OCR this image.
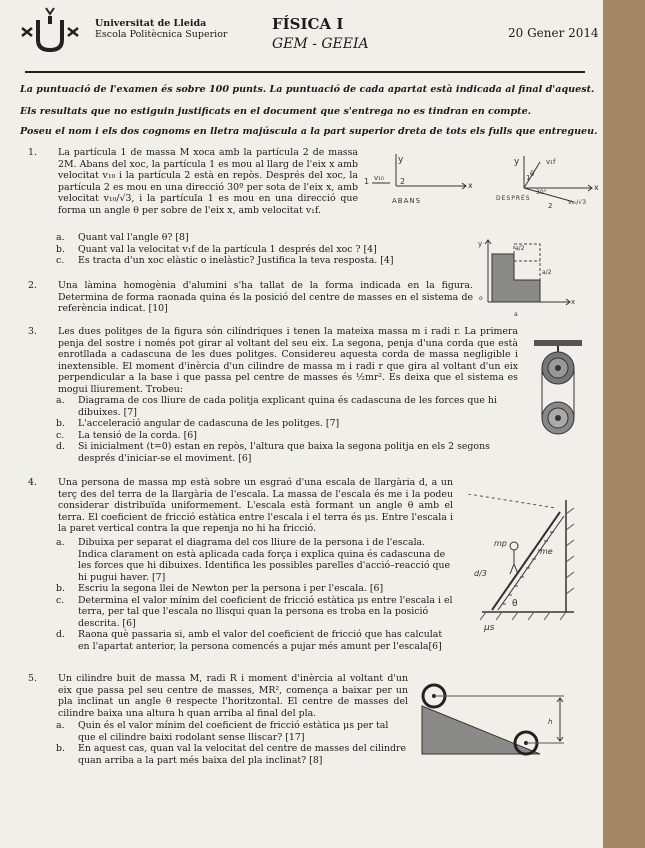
Universitat de Lleida
Escola Politècnica Superior
FÍSICA I
GEM - GEEIA
20 Gener 2014
La puntuació de l'examen és sobre 100 punts. La puntuació de cada apartat està indicada al final d'aquest.
Els resultats que no estiguin justificats en el document que s'entrega no es tindran en compte.
Poseu el nom i els dos cognoms en lletra majúscula a la part superior dreta de tots els fulls que entregueu.
1. La partícula 1 de massa M xoca amb la partícula 2 de massa 2M. Abans del xoc, la partícula 1 es mou al llarg de l'eix x amb velocitat v₁₀ i la partícula 2 està en repòs. Després del xoc, la partícula 2 es mou en una direcció 30º per sota de l'eix x, amb velocitat v₁₀/√3, i la partícula 1 es mou en una direcció que forma un angle θ per sobre de l'eix x, amb velocitat v₁f.
a. Quant val l'angle θ? [8]
b. Quant val la velocitat v₁f de la partícula 1 després del xoc ? [4]
c. Es tracta d'un xoc elàstic o inelàstic? Justifica la teva resposta. [4]
y
x
1 v₁₀ 2
ABANS
y
x
v₁f
θ
30°
1
2	v₁₀/√3
DESPRÉS
2. Una làmina homogènia d'alumini s'ha tallat de la forma indicada en la figura. Determina de forma raonada quina és la posició del centre de masses en el sistema de referència indicat. [10]
y
x
o
a
a/2
a/2
3. Les dues politges de la figura són cilíndriques i tenen la mateixa massa m i radi r. La primera penja del sostre i només pot girar al voltant del seu eix. La segona, penja d'una corda que està enrotllada a cadascuna de les dues politges. Considereu aquesta corda de massa negligible i inextensible. El moment d'inèrcia d'un cilindre de massa m i radi r que gira al voltant d'un eix perpendicular a la base i que passa pel centre de masses és ½mr². Es deixa que el sistema es mogui lliurement. Trobeu:
a. Diagrama de cos lliure de cada politja explicant quina és cadascuna de les forces que hi dibuixes. [7]
b. L'acceleració angular de cadascuna de les politges. [7]
c. La tensió de la corda. [6]
d. Si inicialment (t=0) estan en repòs, l'altura que baixa la segona politja en els 2 segons després d'iniciar-se el moviment. [6]
4. Una persona de massa mp està sobre un esgraó d'una escala de llargària d, a un terç des del terra de la llargària de l'escala. La massa de l'escala és me i la podeu considerar distribuïda uniformement. L'escala està formant un angle θ amb el terra. El coeficient de fricció estàtica entre l'escala i el terra és μs. Entre l'escala i la paret vertical contra la que repenja no hi ha fricció.
a. Dibuixa per separat el diagrama del cos lliure de la persona i de l'escala. Indica clarament on està aplicada cada força i explica quina és cadascuna de les forces que hi dibuixes. Identifica les possibles parelles d'acció–reacció que hi pugui haver. [7]
b. Escriu la segona llei de Newton per la persona i per l'escala. [6]
c. Determina el valor mínim del coeficient de fricció estàtica μs entre l'escala i el terra, per tal que l'escala no llisqui quan la persona es troba en la posició descrita. [6]
d. Raona què passaria si, amb el valor del coeficient de fricció que has calculat en l'apartat anterior, la persona comencés a pujar més amunt per l'escala[6]
mp
me
d/3
θ
μs
5. Un cilindre buit de massa M, radi R i moment d'inèrcia al voltant d'un eix que passa pel seu centre de masses, MR², comença a baixar per un pla inclinat un angle θ respecte l'horitzontal. El centre de masses del cilindre baixa una altura h quan arriba al final del pla.
a. Quin és el valor mínim del coeficient de fricció estàtica μs per tal que el cilindre baixi rodolant sense lliscar? [17]
b. En aquest cas, quan val la velocitat del centre de masses del cilindre quan arriba a la part més baixa del pla inclinat? [8]
h
